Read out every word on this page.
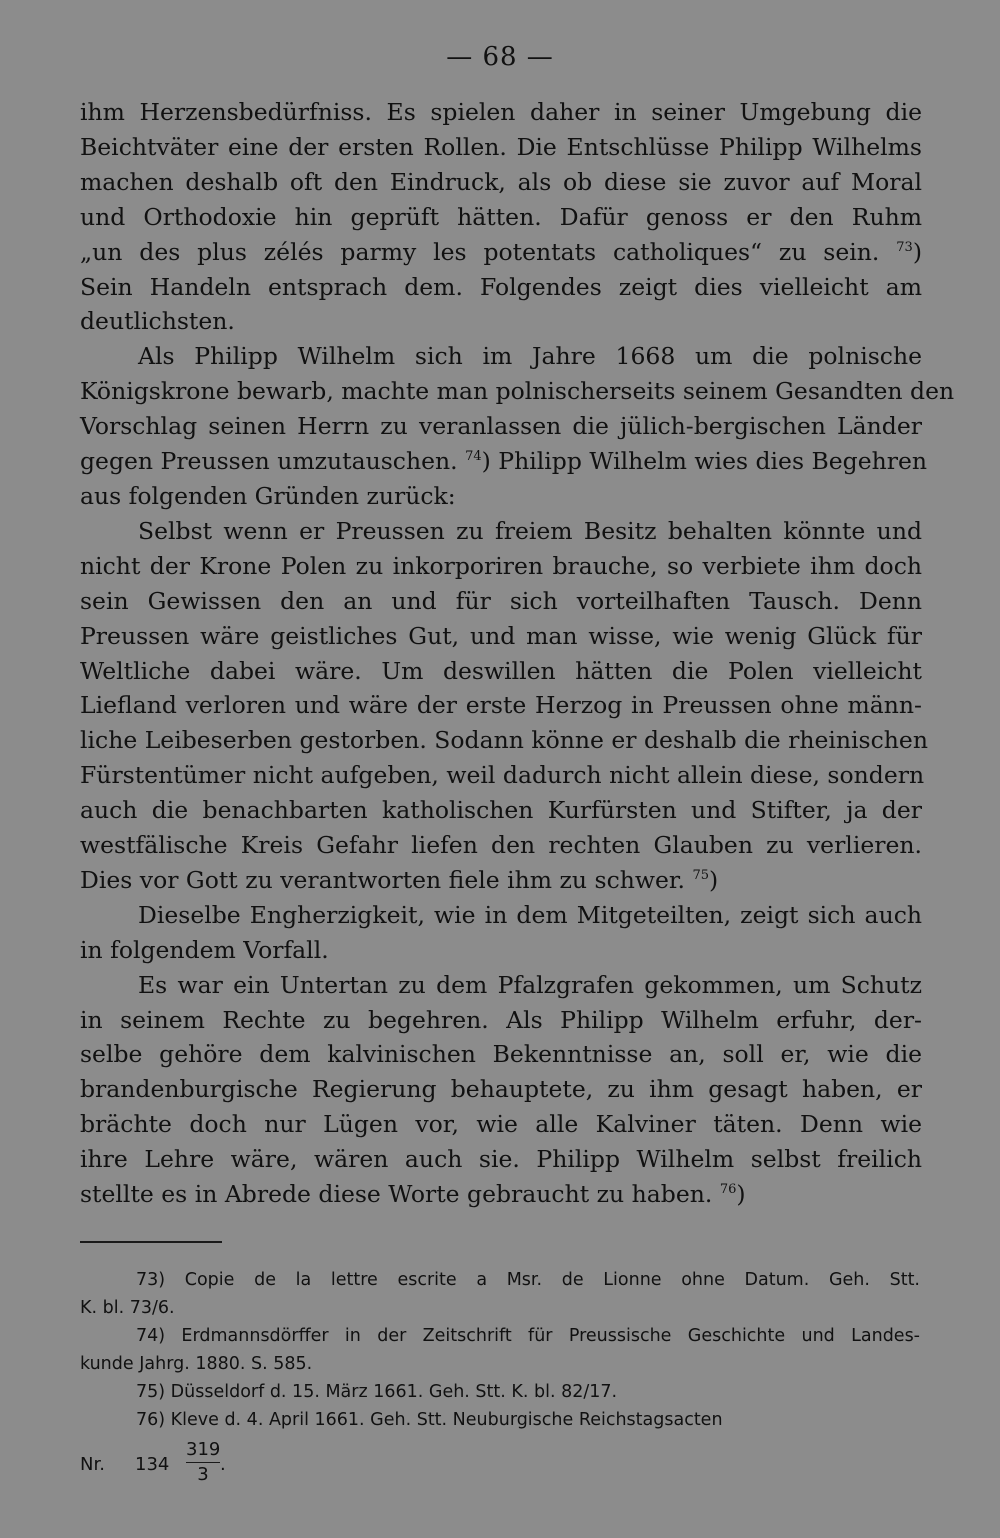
— 68 —
ihm Herzensbedürfniss. Es spielen daher in seiner Umgebung die
Beichtväter eine der ersten Rollen. Die Entschlüsse Philipp Wilhelms
machen deshalb oft den Eindruck, als ob diese sie zuvor auf Moral
und Orthodoxie hin geprüft hätten. Dafür genoss er den Ruhm
„un des plus zélés parmy les potentats catholiques“ zu sein. $^{73}$)
Sein Handeln entsprach dem. Folgendes zeigt dies vielleicht am
deutlichsten.
Als Philipp Wilhelm sich im Jahre 1668 um die polnische
Königskrone bewarb, machte man polnischerseits seinem Gesandten den
Vorschlag seinen Herrn zu veranlassen die jülich-bergischen Länder
gegen Preussen umzutauschen. $^{74}$) Philipp Wilhelm wies dies Begehren
aus folgenden Gründen zurück:
Selbst wenn er Preussen zu freiem Besitz behalten könnte und
nicht der Krone Polen zu inkorporiren brauche, so verbiete ihm doch
sein Gewissen den an und für sich vorteilhaften Tausch. Denn
Preussen wäre geistliches Gut, und man wisse, wie wenig Glück für
Weltliche dabei wäre. Um deswillen hätten die Polen vielleicht
Liefland verloren und wäre der erste Herzog in Preussen ohne männ-
liche Leibeserben gestorben. Sodann könne er deshalb die rheinischen
Fürstentümer nicht aufgeben, weil dadurch nicht allein diese, sondern
auch die benachbarten katholischen Kurfürsten und Stifter, ja der
westfälische Kreis Gefahr liefen den rechten Glauben zu verlieren.
Dies vor Gott zu verantworten fiele ihm zu schwer. $^{75}$)
Dieselbe Engherzigkeit, wie in dem Mitgeteilten, zeigt sich auch
in folgendem Vorfall.
Es war ein Untertan zu dem Pfalzgrafen gekommen, um Schutz
in seinem Rechte zu begehren. Als Philipp Wilhelm erfuhr, der-
selbe gehöre dem kalvinischen Bekenntnisse an, soll er, wie die
brandenburgische Regierung behauptete, zu ihm gesagt haben, er
brächte doch nur Lügen vor, wie alle Kalviner täten. Denn wie
ihre Lehre wäre, wären auch sie. Philipp Wilhelm selbst freilich
stellte es in Abrede diese Worte gebraucht zu haben. $^{76}$)
73) Copie de la lettre escrite a Msr. de Lionne ohne Datum. Geh. Stt.
K. bl. 73/6.
74) Erdmannsdörffer in der Zeitschrift für Preussische Geschichte und Landes-
kunde Jahrg. 1880. S. 585.
75) Düsseldorf d. 15. März 1661. Geh. Stt. K. bl. 82/17.
76) Kleve d. 4. April 1661. Geh. Stt. Neuburgische Reichstagsacten
Nr. 134
319
3 .
